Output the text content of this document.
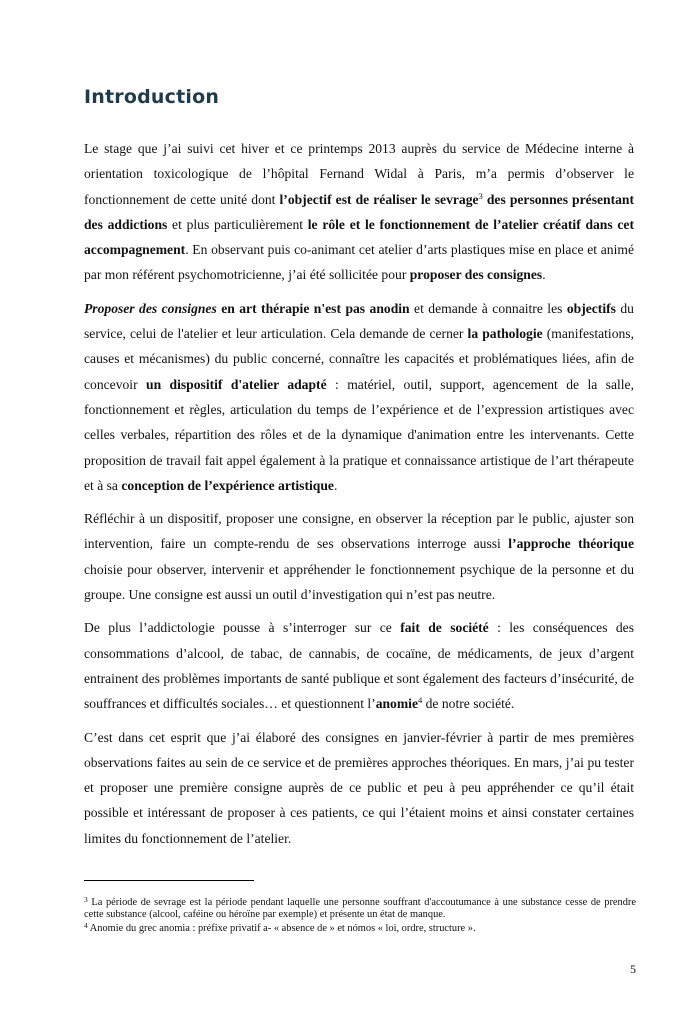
Introduction

Le stage que j’ai suivi cet hiver et ce printemps 2013 auprès du service de Médecine interne à orientation toxicologique de l’hôpital Fernand Widal à Paris, m’a permis d’observer le fonctionnement de cette unité dont l’objectif est de réaliser le sevrage$^3$ des personnes présentant des addictions et plus particulièrement le rôle et le fonctionnement de l’atelier créatif dans cet accompagnement. En observant puis co-animant cet atelier d’arts plastiques mise en place et animé par mon référent psychomotricienne, j’ai été sollicitée pour proposer des consignes.

Proposer des consignes en art thérapie n'est pas anodin et demande à connaitre les objectifs du service, celui de l'atelier et leur articulation. Cela demande de cerner la pathologie (manifestations, causes et mécanismes) du public concerné, connaître les capacités et problématiques liées, afin de concevoir un dispositif d'atelier adapté : matériel, outil, support, agencement de la salle, fonctionnement et règles, articulation du temps de l’expérience et de l’expression artistiques avec celles verbales, répartition des rôles et de la dynamique d'animation entre les intervenants. Cette proposition de travail fait appel également à la pratique et connaissance artistique de l’art thérapeute et à sa conception de l’expérience artistique.

Réfléchir à un dispositif, proposer une consigne, en observer la réception par le public, ajuster son intervention, faire un compte-rendu de ses observations interroge aussi l’approche théorique choisie pour observer, intervenir et appréhender le fonctionnement psychique de la personne et du groupe. Une consigne est aussi un outil d’investigation qui n’est pas neutre.

De plus l’addictologie pousse à s’interroger sur ce fait de société : les conséquences des consommations d’alcool, de tabac, de cannabis, de cocaïne, de médicaments, de jeux d’argent entrainent des problèmes importants de santé publique et sont également des facteurs d’insécurité, de souffrances et difficultés sociales… et questionnent l’anomie$^4$ de notre société.

C’est dans cet esprit que j’ai élaboré des consignes en janvier-février à partir de mes premières observations faites au sein de ce service et de premières approches théoriques. En mars, j’ai pu tester et proposer une première consigne auprès de ce public et peu à peu appréhender ce qu’il était possible et intéressant de proposer à ces patients, ce qui l’étaient moins et ainsi constater certaines limites du fonctionnement de l’atelier.

$^3$ La période de sevrage est la période pendant laquelle une personne souffrant d'accoutumance à une substance cesse de prendre cette substance (alcool, caféine ou héroïne par exemple) et présente un état de manque.
$^4$ Anomie du grec anomia : préfixe privatif a- « absence de » et nómos « loi, ordre, structure ».
5
